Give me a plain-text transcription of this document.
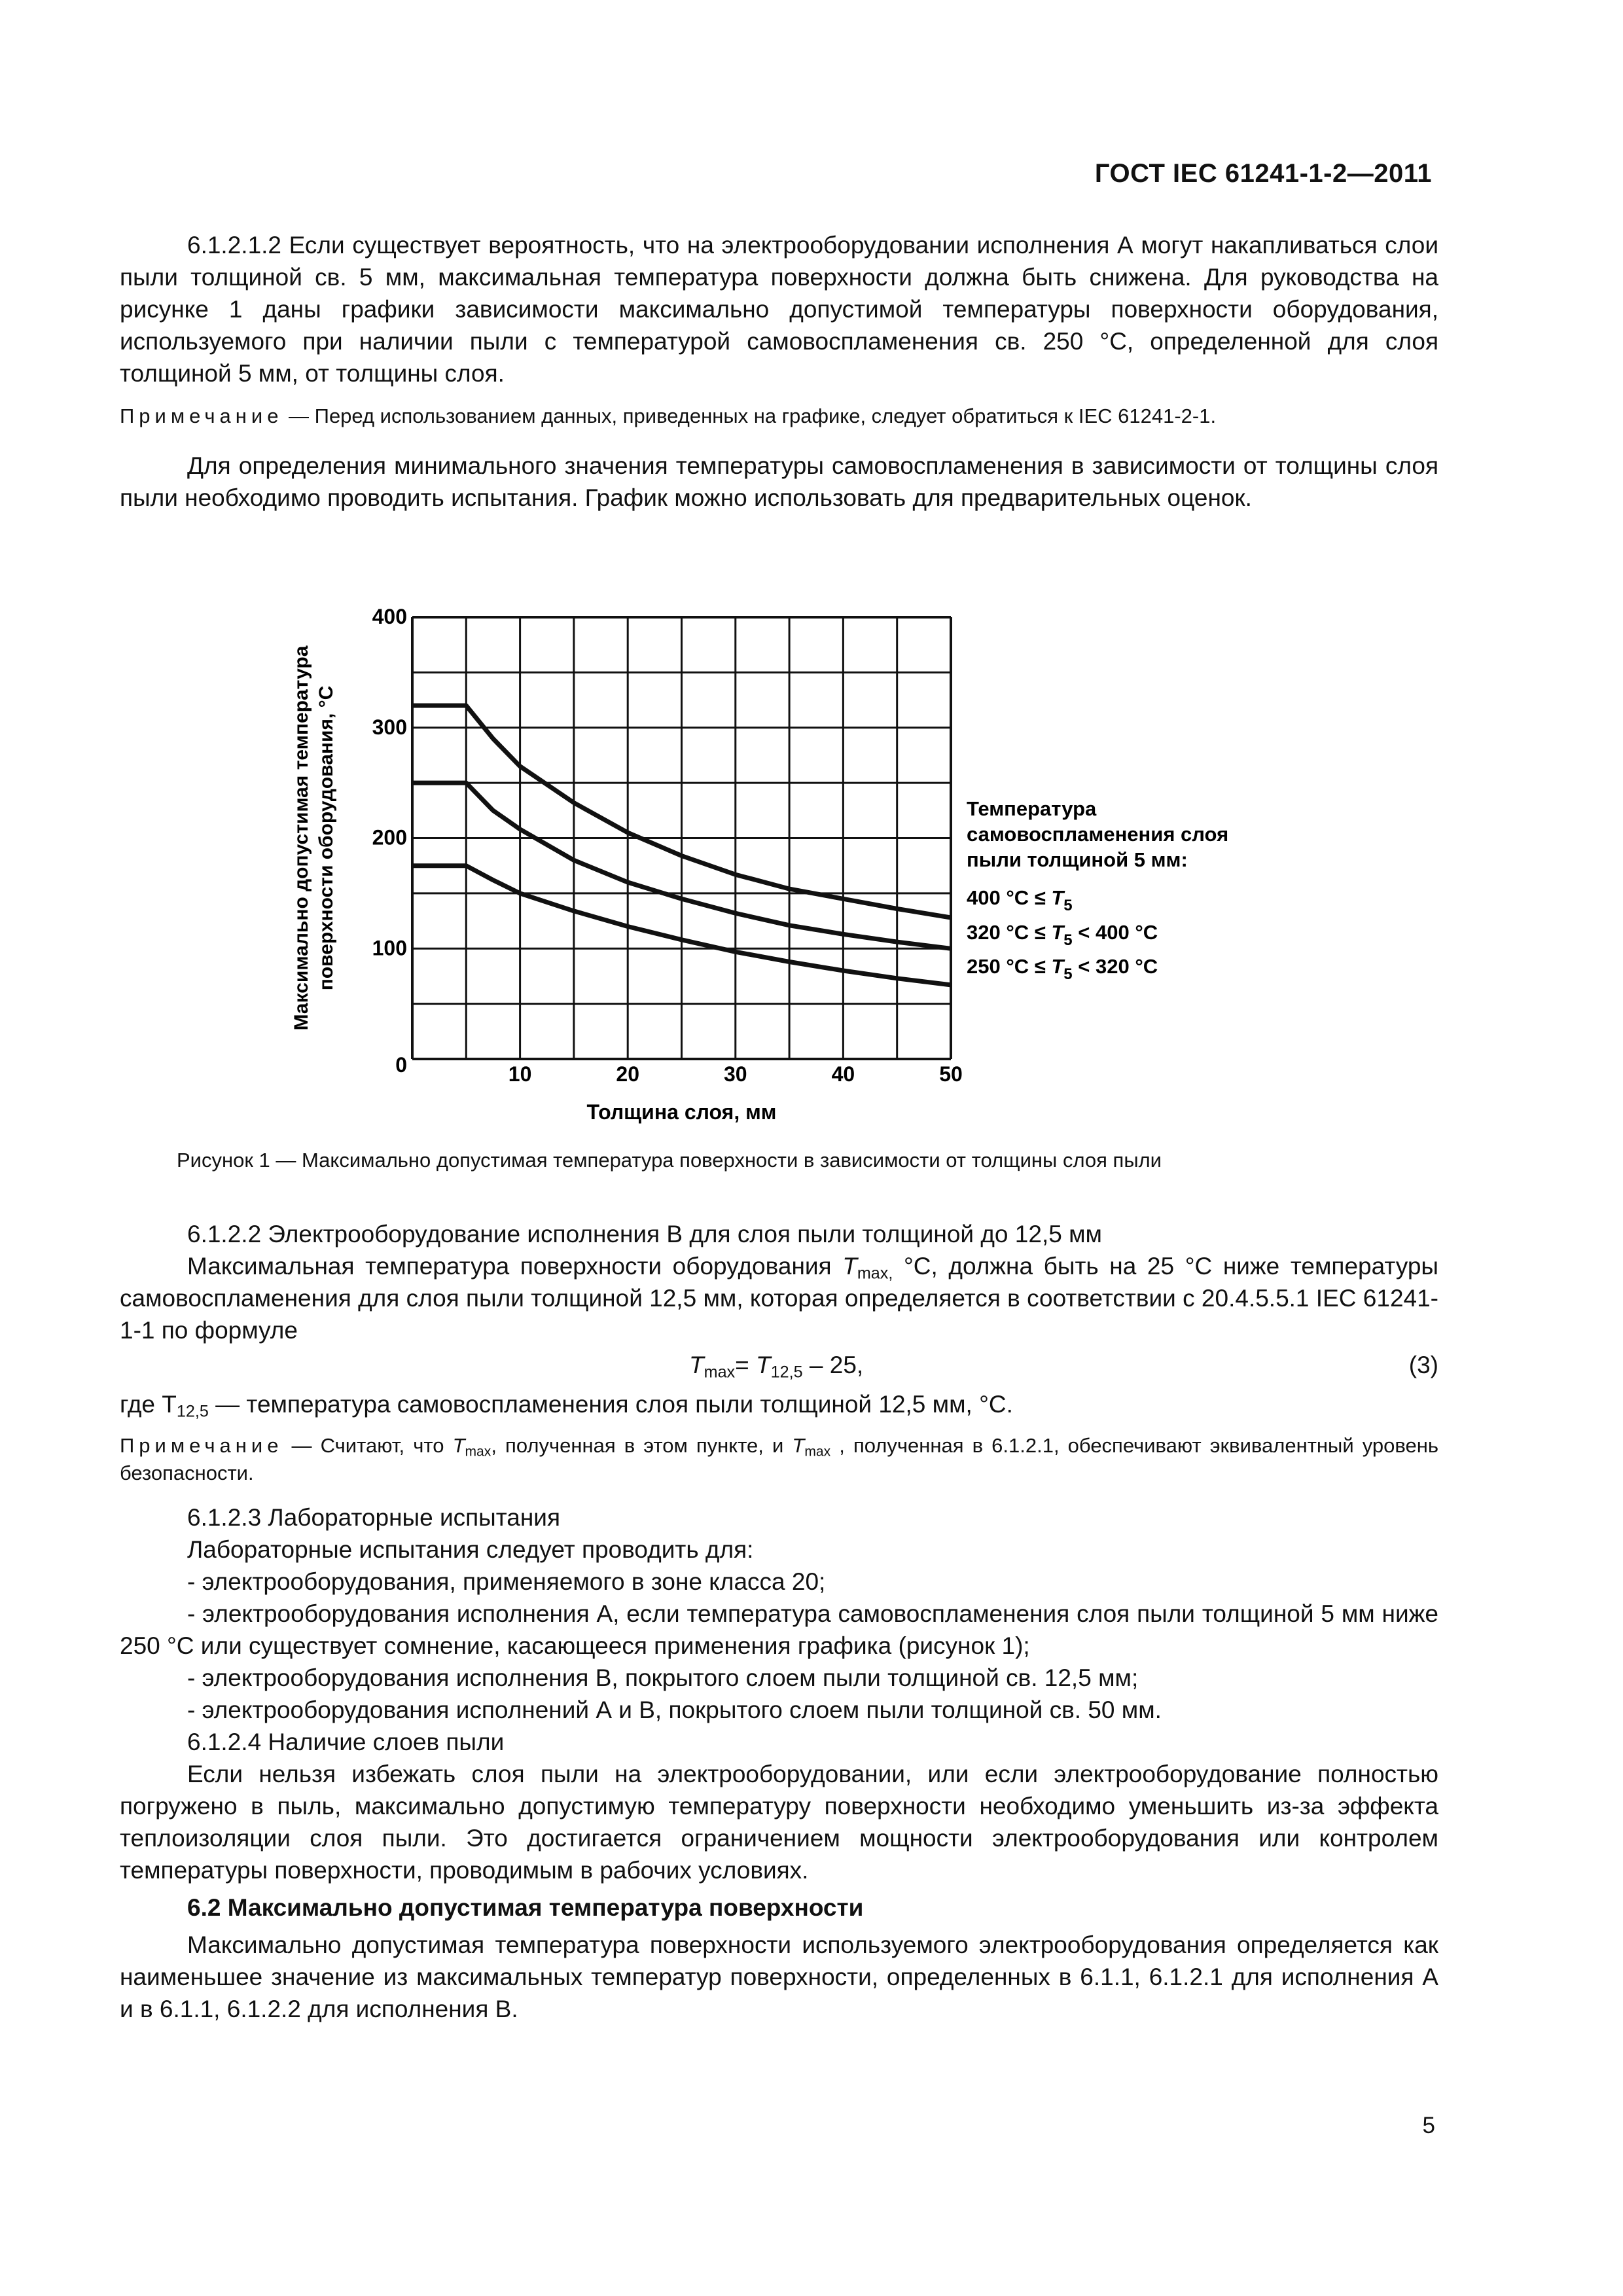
ГОСТ IEC 61241-1-2—2011

6.1.2.1.2 Если существует вероятность, что на электрооборудовании исполнения А могут накапливаться слои пыли толщиной св. 5 мм, максимальная температура поверхности должна быть снижена. Для руководства на рисунке 1 даны графики зависимости максимально допустимой температуры поверхности оборудования, используемого при наличии пыли с температурой самовоспламенения св. 250 °С, определенной для слоя толщиной 5 мм, от толщины слоя.

Примечание — Перед использованием данных, приведенных на графике, следует обратиться к IEC 61241-2-1.

Для определения минимального значения температуры самовоспламенения в зависимости от толщины слоя пыли необходимо проводить испытания. График можно использовать для предварительных оценок.

10	20	30	40	50
0
100
200
300
400
Толщина слоя, мм
Максимально допустимая температура поверхности оборудования, °С	Температура
самовоспламенения слоя
пыли толщиной 5 мм:
400 $^\circ С \le T_5$
320 $^\circ С \le T_5 < 400$ °С
250 $^\circ С \le T_5 < 320$ °С
Рисунок 1 — Максимально допустимая температура поверхности в зависимости от толщины слоя пыли

6.1.2.2 Электрооборудование исполнения В для слоя пыли толщиной до 12,5 мм

Максимальная температура поверхности оборудования $T_{max,}$ °С, должна быть на 25 °С ниже температуры самовоспламенения для слоя пыли толщиной 12,5 мм, которая определяется в соответствии с 20.4.5.5.1 IEC 61241-1-1 по формуле

$T_{max}= T_{12,5} - 25$,	(3)

где $T_{12,5}$ — температура самовоспламенения слоя пыли толщиной 12,5 мм, °С.

Примечание — Считают, что $T_{max}$, полученная в этом пункте, и $T_{max}$ , полученная в 6.1.2.1, обеспечивают эквивалентный уровень безопасности.

6.1.2.3 Лабораторные испытания

Лабораторные испытания следует проводить для:

- электрооборудования, применяемого в зоне класса 20;

- электрооборудования исполнения А, если температура самовоспламенения слоя пыли толщиной 5 мм ниже 250 °С или существует сомнение, касающееся применения графика (рисунок 1);

- электрооборудования исполнения В, покрытого слоем пыли толщиной св. 12,5 мм;

- электрооборудования исполнений А и В, покрытого слоем пыли толщиной св. 50 мм.

6.1.2.4 Наличие слоев пыли

Если нельзя избежать слоя пыли на электрооборудовании, или если электрооборудование полностью погружено в пыль, максимально допустимую температуру поверхности необходимо уменьшить из-за эффекта теплоизоляции слоя пыли. Это достигается ограничением мощности электрооборудования или контролем температуры поверхности, проводимым в рабочих условиях.

6.2 Максимально допустимая температура поверхности

Максимально допустимая температура поверхности используемого электрооборудования определяется как наименьшее значение из максимальных температур поверхности, определенных в 6.1.1, 6.1.2.1 для исполнения А и в 6.1.1, 6.1.2.2 для исполнения В.

5
